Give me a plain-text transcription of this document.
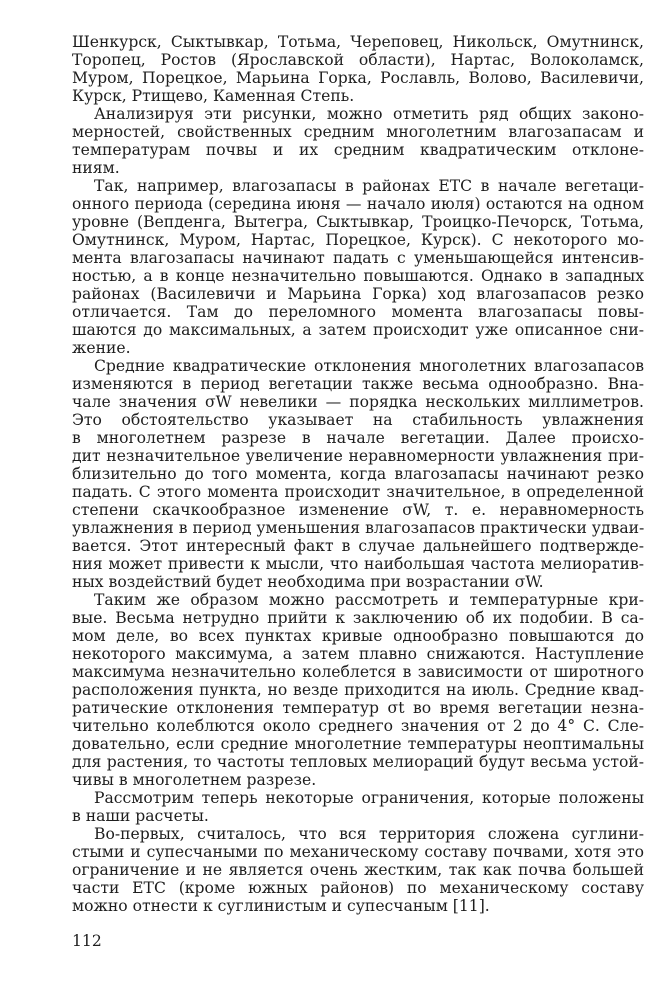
Шенкурск, Сыктывкар, Тотьма, Череповец, Никольск, Омутнинск,
Торопец, Ростов (Ярославской области), Нартас, Волоколамск,
Муром, Порецкое, Марьина Горка, Рославль, Волово, Василевичи,
Курск, Ртищево, Каменная Степь.
Анализируя эти рисунки, можно отметить ряд общих законо-
мерностей, свойственных средним многолетним влагозапасам и
температурам почвы и их средним квадратическим отклоне-
ниям.
Так, например, влагозапасы в районах ЕТС в начале вегетаци-
онного периода (середина июня — начало июля) остаются на одном
уровне (Вепденга, Вытегра, Сыктывкар, Троицко-Печорск, Тотьма,
Омутнинск, Муром, Нартас, Порецкое, Курск). С некоторого мо-
мента влагозапасы начинают падать с уменьшающейся интенсив-
ностью, а в конце незначительно повышаются. Однако в западных
районах (Василевичи и Марьина Горка) ход влагозапасов резко
отличается. Там до переломного момента влагозапасы повы-
шаются до максимальных, а затем происходит уже описанное сни-
жение.
Средние квадратические отклонения многолетних влагозапасов
изменяются в период вегетации также весьма однообразно. Вна-
чале значения σW невелики — порядка нескольких миллиметров.
Это обстоятельство указывает на стабильность увлажнения
в многолетнем разрезе в начале вегетации. Далее происхо-
дит незначительное увеличение неравномерности увлажнения при-
близительно до того момента, когда влагозапасы начинают резко
падать. С этого момента происходит значительное, в определенной
степени скачкообразное изменение σW, т. е. неравномерность
увлажнения в период уменьшения влагозапасов практически удваи-
вается. Этот интересный факт в случае дальнейшего подтвержде-
ния может привести к мысли, что наибольшая частота мелиоратив-
ных воздействий будет необходима при возрастании σW.
Таким же образом можно рассмотреть и температурные кри-
вые. Весьма нетрудно прийти к заключению об их подобии. В са-
мом деле, во всех пунктах кривые однообразно повышаются до
некоторого максимума, а затем плавно снижаются. Наступление
максимума незначительно колеблется в зависимости от широтного
расположения пункта, но везде приходится на июль. Средние квад-
ратические отклонения температур σt во время вегетации незна-
чительно колеблются около среднего значения от 2 до 4° С. Сле-
довательно, если средние многолетние температуры неоптимальны
для растения, то частоты тепловых мелиораций будут весьма устой-
чивы в многолетнем разрезе.
Рассмотрим теперь некоторые ограничения, которые положены
в наши расчеты.
Во-первых, считалось, что вся территория сложена суглини-
стыми и супесчаными по механическому составу почвами, хотя это
ограничение и не является очень жестким, так как почва большей
части ЕТС (кроме южных районов) по механическому составу
можно отнести к суглинистым и супесчаным [11].
112
